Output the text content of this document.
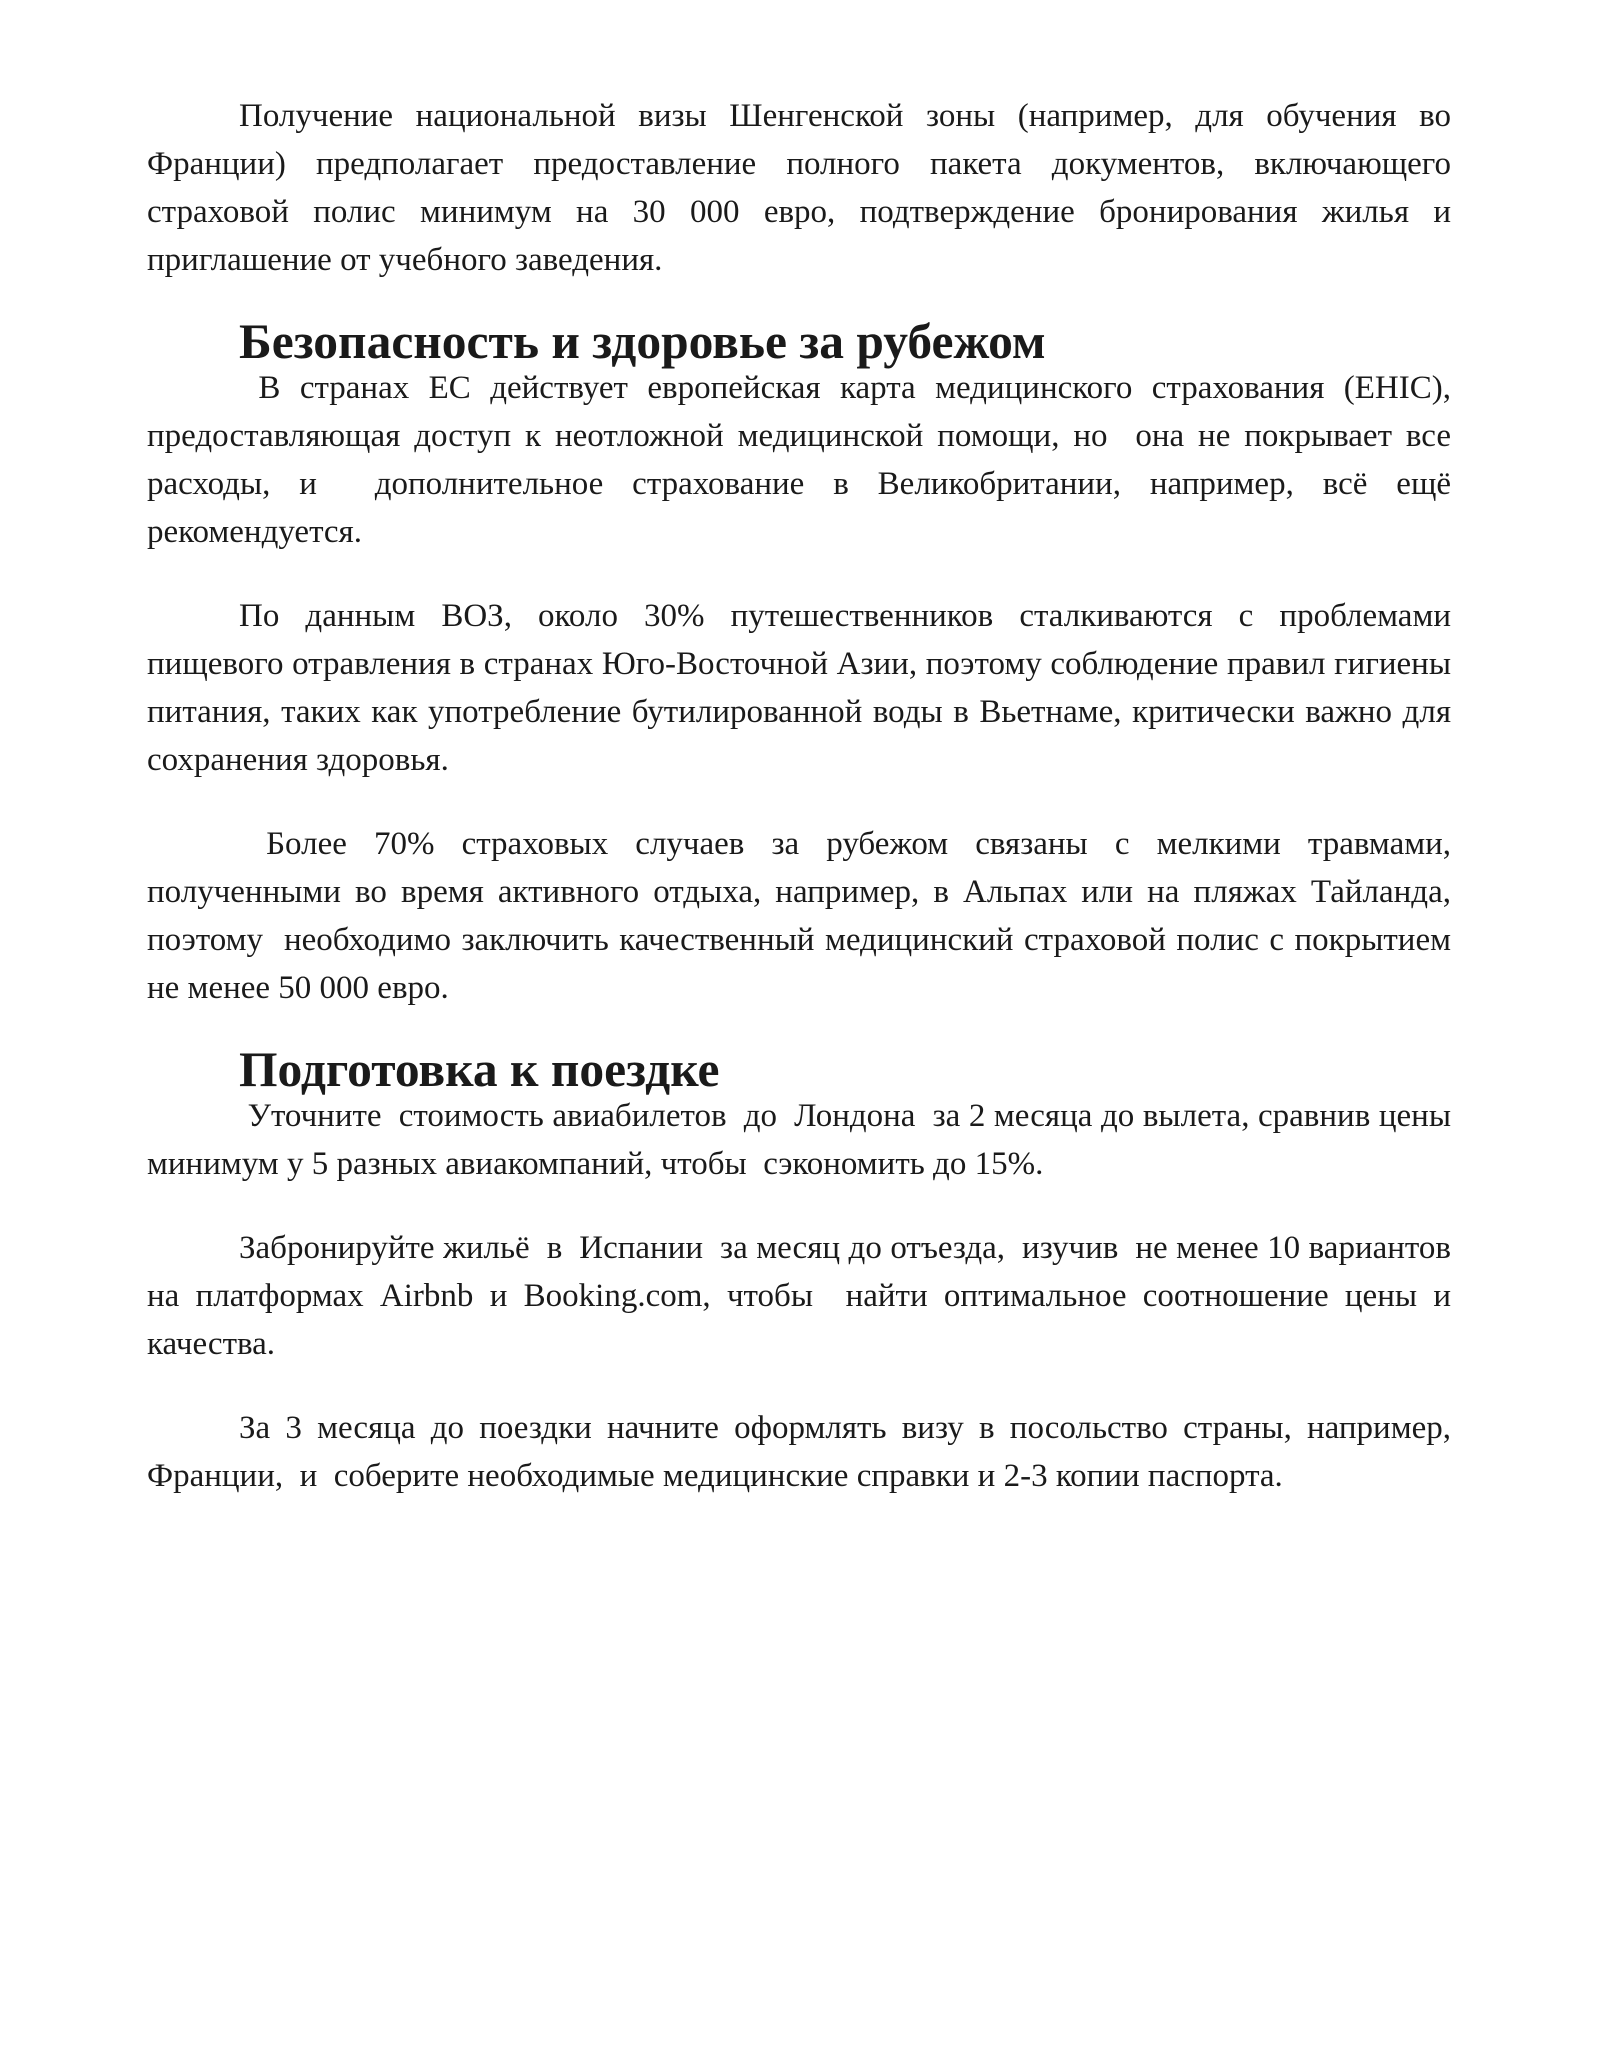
Получение национальной визы Шенгенской зоны (например, для обучения во Франции) предполагает предоставление полного пакета документов, включающего  страховой полис минимум на 30 000 евро, подтверждение бронирования жилья и приглашение от учебного заведения.

Безопасность и здоровье за рубежом

В странах ЕС действует европейская карта медицинского страхования (EHIC),  предоставляющая доступ к неотложной медицинской помощи, но  она не покрывает все расходы, и  дополнительное страхование в Великобритании, например, всё ещё рекомендуется.

По данным ВОЗ, около 30% путешественников сталкиваются с проблемами пищевого отравления в странах Юго-Восточной Азии, поэтому соблюдение правил гигиены питания, таких как употребление бутилированной воды в Вьетнаме, критически важно для сохранения здоровья.

Более 70% страховых случаев за рубежом связаны с мелкими травмами, полученными во время активного отдыха, например, в Альпах или на пляжах Тайланда, поэтому  необходимо заключить качественный медицинский страховой полис с покрытием не менее 50 000 евро.

Подготовка к поездке

Уточните  стоимость авиабилетов  до  Лондона  за 2 месяца до вылета, сравнив цены  минимум у 5 разных авиакомпаний, чтобы  сэкономить до 15%.

Забронируйте жильё  в  Испании  за месяц до отъезда,  изучив  не менее 10 вариантов  на платформах Airbnb и Booking.com, чтобы  найти оптимальное соотношение цены и качества.

За 3 месяца до поездки начните оформлять визу в посольство страны, например, Франции,  и  соберите необходимые медицинские справки и 2-3 копии паспорта.
